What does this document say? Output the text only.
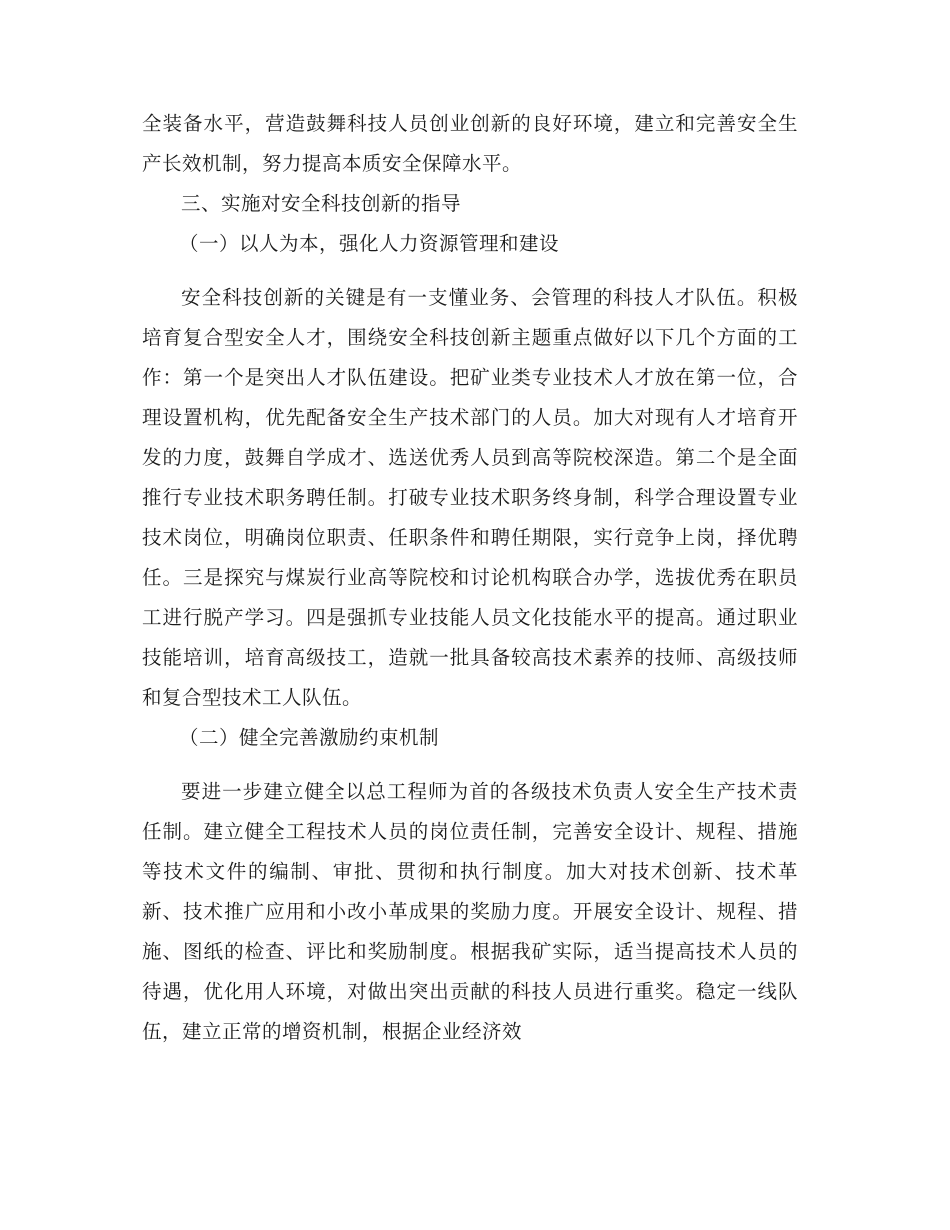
全装备水平，营造鼓舞科技人员创业创新的良好环境，建立和完善安全生产长效机制，努力提高本质安全保障水平。

三、实施对安全科技创新的指导

（一）以人为本，强化人力资源管理和建设

安全科技创新的关键是有一支懂业务、会管理的科技人才队伍。积极培育复合型安全人才，围绕安全科技创新主题重点做好以下几个方面的工作：第一个是突出人才队伍建设。把矿业类专业技术人才放在第一位，合理设置机构，优先配备安全生产技术部门的人员。加大对现有人才培育开发的力度，鼓舞自学成才、选送优秀人员到高等院校深造。第二个是全面推行专业技术职务聘任制。打破专业技术职务终身制，科学合理设置专业技术岗位，明确岗位职责、任职条件和聘任期限，实行竞争上岗，择优聘任。三是探究与煤炭行业高等院校和讨论机构联合办学，选拔优秀在职员工进行脱产学习。四是强抓专业技能人员文化技能水平的提高。通过职业技能培训，培育高级技工，造就一批具备较高技术素养的技师、高级技师和复合型技术工人队伍。

（二）健全完善激励约束机制

要进一步建立健全以总工程师为首的各级技术负责人安全生产技术责任制。建立健全工程技术人员的岗位责任制，完善安全设计、规程、措施等技术文件的编制、审批、贯彻和执行制度。加大对技术创新、技术革新、技术推广应用和小改小革成果的奖励力度。开展安全设计、规程、措施、图纸的检查、评比和奖励制度。根据我矿实际，适当提高技术人员的待遇，优化用人环境，对做出突出贡献的科技人员进行重奖。稳定一线队伍，建立正常的增资机制，根据企业经济效
